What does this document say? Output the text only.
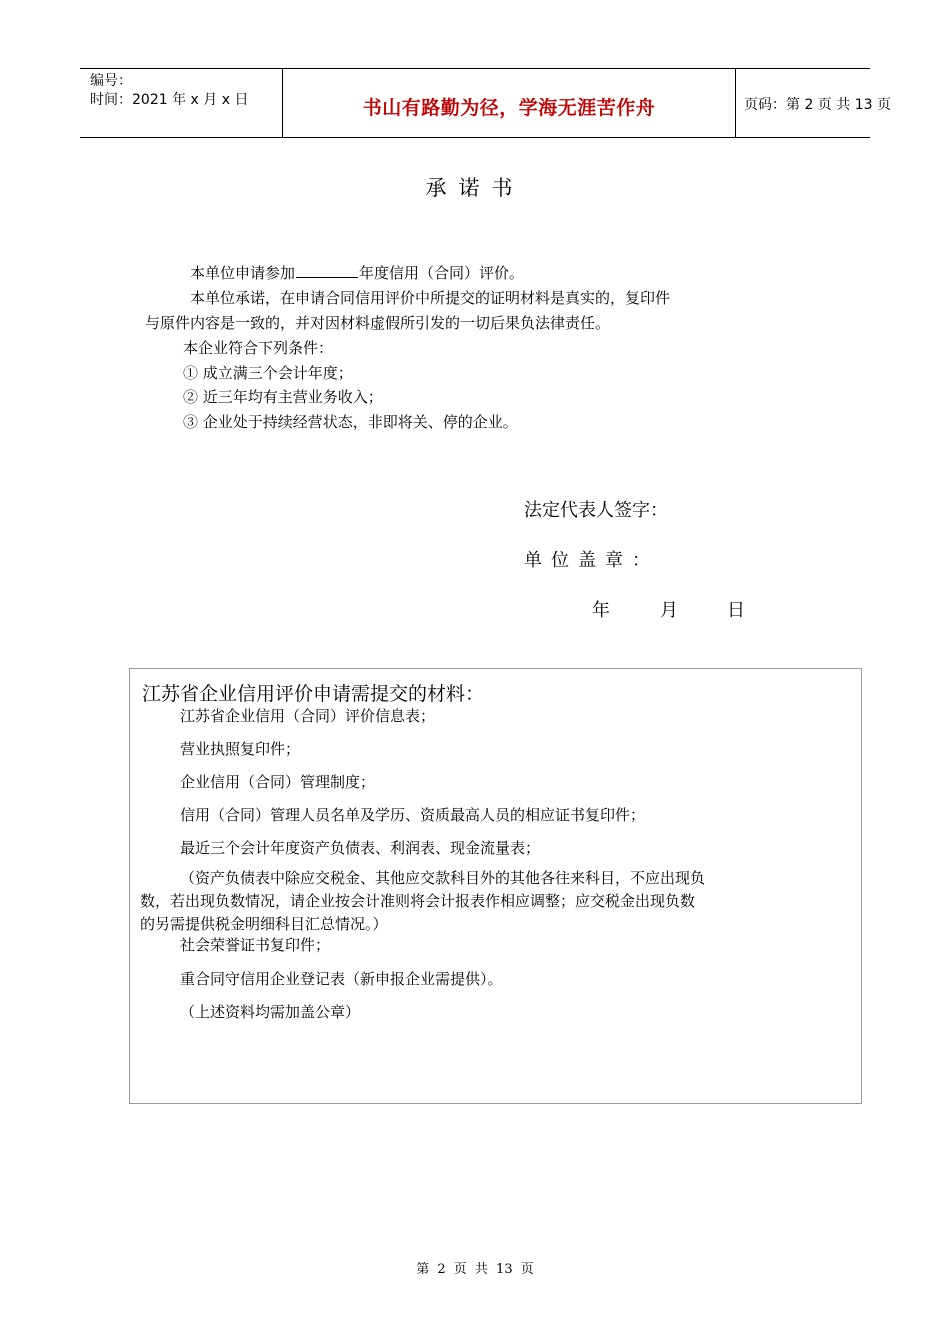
编号：
时间：2021 年 x 月 x 日	书山有路勤为径，学海无涯苦作舟	页码：第 2 页 共 13 页
承诺书
本单位申请参加	年度信用（合同）评价。
本单位承诺，在申请合同信用评价中所提交的证明材料是真实的，复印件
与原件内容是一致的，并对因材料虚假所引发的一切后果负法律责任。
本企业符合下列条件：
① 成立满三个会计年度；
② 近三年均有主营业务收入；
③ 企业处于持续经营状态，非即将关、停的企业。
法定代表人签字：
单位盖章：
年	月	日
江苏省企业信用评价申请需提交的材料：
江苏省企业信用（合同）评价信息表；
营业执照复印件；
企业信用（合同）管理制度；
信用（合同）管理人员名单及学历、资质最高人员的相应证书复印件；
最近三个会计年度资产负债表、利润表、现金流量表；
（资产负债表中除应交税金、其他应交款科目外的其他各往来科目，不应出现负
数，若出现负数情况，请企业按会计准则将会计报表作相应调整；应交税金出现负数
的另需提供税金明细科目汇总情况。）
社会荣誉证书复印件；
重合同守信用企业登记表（新申报企业需提供）。
（上述资料均需加盖公章）
第 2 页 共 13 页
